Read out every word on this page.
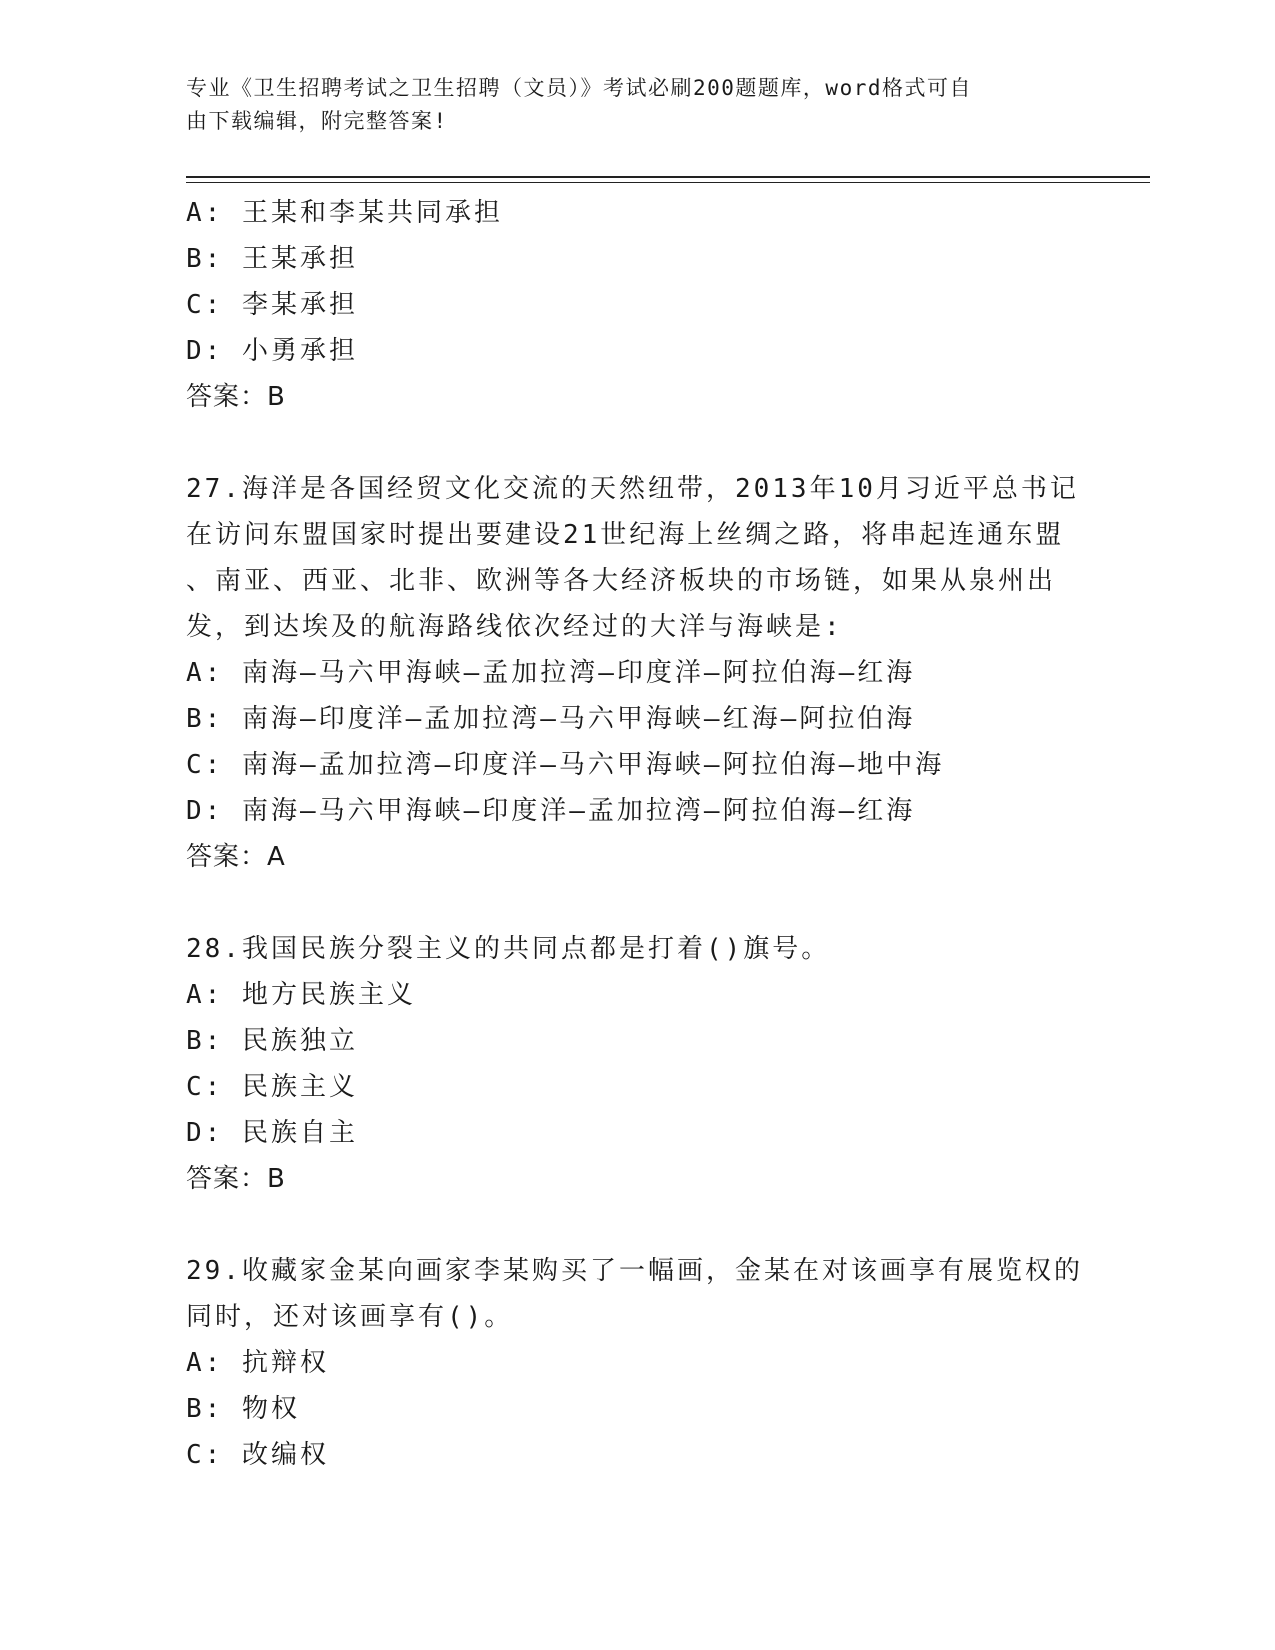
专业《卫生招聘考试之卫生招聘（文员）》考试必刷200题题库，word格式可自
由下载编辑，附完整答案!
A: 王某和李某共同承担
B: 王某承担
C: 李某承担
D: 小勇承担
答案：B
27.海洋是各国经贸文化交流的天然纽带，2013年10月习近平总书记
在访问东盟国家时提出要建设21世纪海上丝绸之路，将串起连通东盟
、南亚、西亚、北非、欧洲等各大经济板块的市场链，如果从泉州出
发，到达埃及的航海路线依次经过的大洋与海峡是:
A: 南海—马六甲海峡—孟加拉湾—印度洋—阿拉伯海—红海
B: 南海—印度洋—孟加拉湾—马六甲海峡—红海—阿拉伯海
C: 南海—孟加拉湾—印度洋—马六甲海峡—阿拉伯海—地中海
D: 南海—马六甲海峡—印度洋—孟加拉湾—阿拉伯海—红海
答案：A
28.我国民族分裂主义的共同点都是打着()旗号。
A: 地方民族主义
B: 民族独立
C: 民族主义
D: 民族自主
答案：B
29.收藏家金某向画家李某购买了一幅画，金某在对该画享有展览权的
同时，还对该画享有()。
A: 抗辩权
B: 物权
C: 改编权
